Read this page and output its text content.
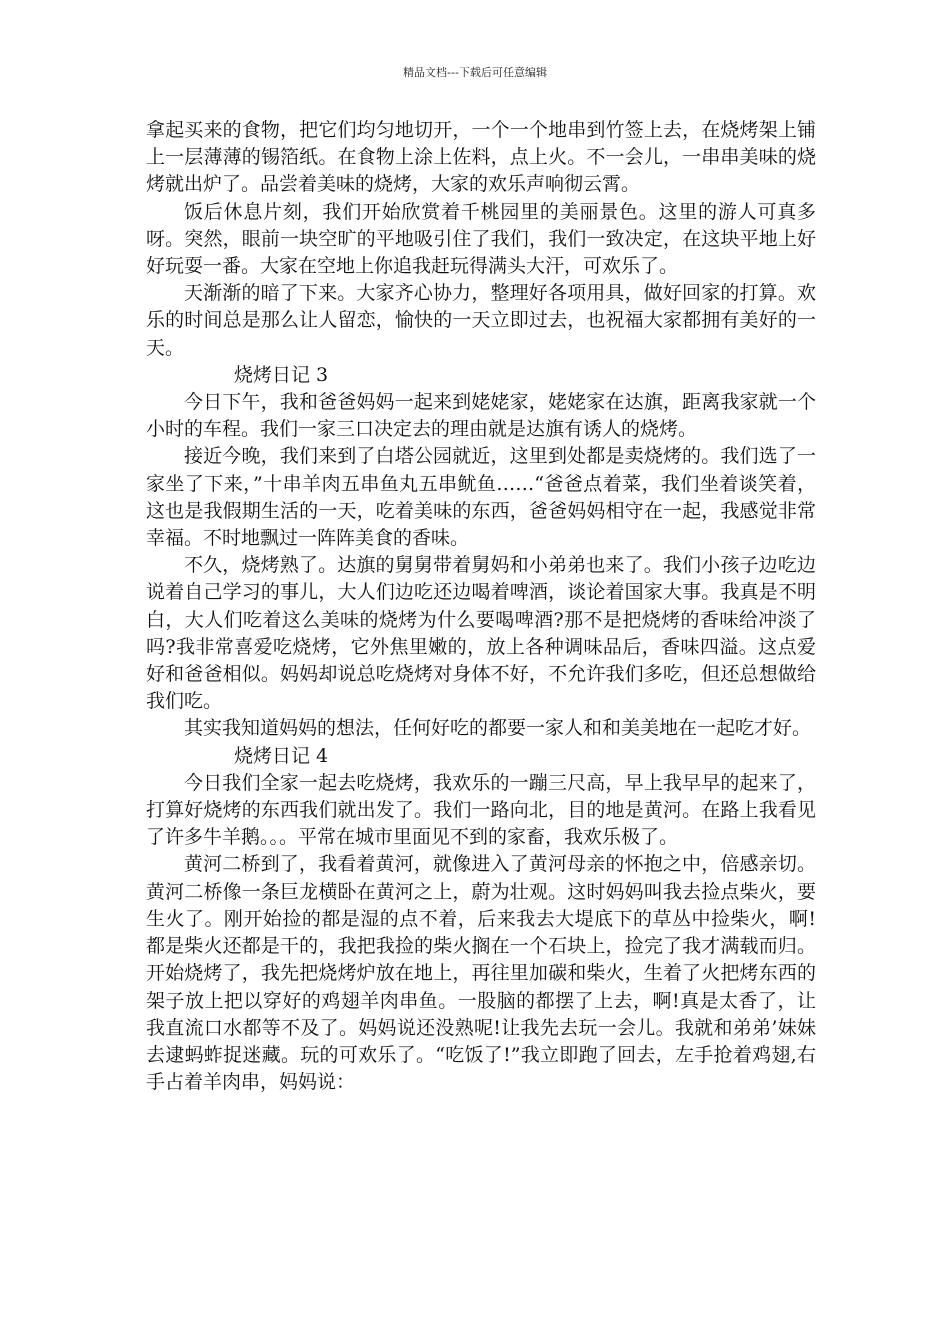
精品文档---下载后可任意编辑

拿起买来的食物，把它们均匀地切开，一个一个地串到竹签上去，在烧烤架上铺上一层薄薄的锡箔纸。在食物上涂上佐料，点上火。不一会儿，一串串美味的烧烤就出炉了。品尝着美味的烧烤，大家的欢乐声响彻云霄。

饭后休息片刻，我们开始欣赏着千桃园里的美丽景色。这里的游人可真多呀。突然，眼前一块空旷的平地吸引住了我们，我们一致决定，在这块平地上好好玩耍一番。大家在空地上你追我赶玩得满头大汗，可欢乐了。

天渐渐的暗了下来。大家齐心协力，整理好各项用具，做好回家的打算。欢乐的时间总是那么让人留恋，愉快的一天立即过去，也祝福大家都拥有美好的一天。

烧烤日记 3

今日下午，我和爸爸妈妈一起来到姥姥家，姥姥家在达旗，距离我家就一个小时的车程。我们一家三口决定去的理由就是达旗有诱人的烧烤。

接近今晚，我们来到了白塔公园就近，这里到处都是卖烧烤的。我们选了一家坐了下来，”十串羊肉五串鱼丸五串鱿鱼……“爸爸点着菜，我们坐着谈笑着，这也是我假期生活的一天，吃着美味的东西，爸爸妈妈相守在一起，我感觉非常幸福。不时地飘过一阵阵美食的香味。

不久，烧烤熟了。达旗的舅舅带着舅妈和小弟弟也来了。我们小孩子边吃边说着自己学习的事儿，大人们边吃还边喝着啤酒，谈论着国家大事。我真是不明白，大人们吃着这么美味的烧烤为什么要喝啤酒?那不是把烧烤的香味给冲淡了吗?我非常喜爱吃烧烤，它外焦里嫩的，放上各种调味品后，香味四溢。这点爱好和爸爸相似。妈妈却说总吃烧烤对身体不好，不允许我们多吃，但还总想做给我们吃。

其实我知道妈妈的想法，任何好吃的都要一家人和和美美地在一起吃才好。

烧烤日记 4

今日我们全家一起去吃烧烤，我欢乐的一蹦三尺高，早上我早早的起来了，打算好烧烤的东西我们就出发了。我们一路向北，目的地是黄河。在路上我看见了许多牛羊鹅。。。平常在城市里面见不到的家畜，我欢乐极了。

黄河二桥到了，我看着黄河，就像进入了黄河母亲的怀抱之中，倍感亲切。黄河二桥像一条巨龙横卧在黄河之上，蔚为壮观。这时妈妈叫我去捡点柴火，要生火了。刚开始捡的都是湿的点不着，后来我去大堤底下的草丛中捡柴火，啊!都是柴火还都是干的，我把我捡的柴火搁在一个石块上，捡完了我才满载而归。开始烧烤了，我先把烧烤炉放在地上，再往里加碳和柴火，生着了火把烤东西的架子放上把以穿好的鸡翅羊肉串鱼。一股脑的都摆了上去，啊!真是太香了，让我直流口水都等不及了。妈妈说还没熟呢!让我先去玩一会儿。我就和弟弟’妹妹去逮蚂蚱捉迷藏。玩的可欢乐了。“吃饭了!”我立即跑了回去，左手抢着鸡翅,右手占着羊肉串，妈妈说：
